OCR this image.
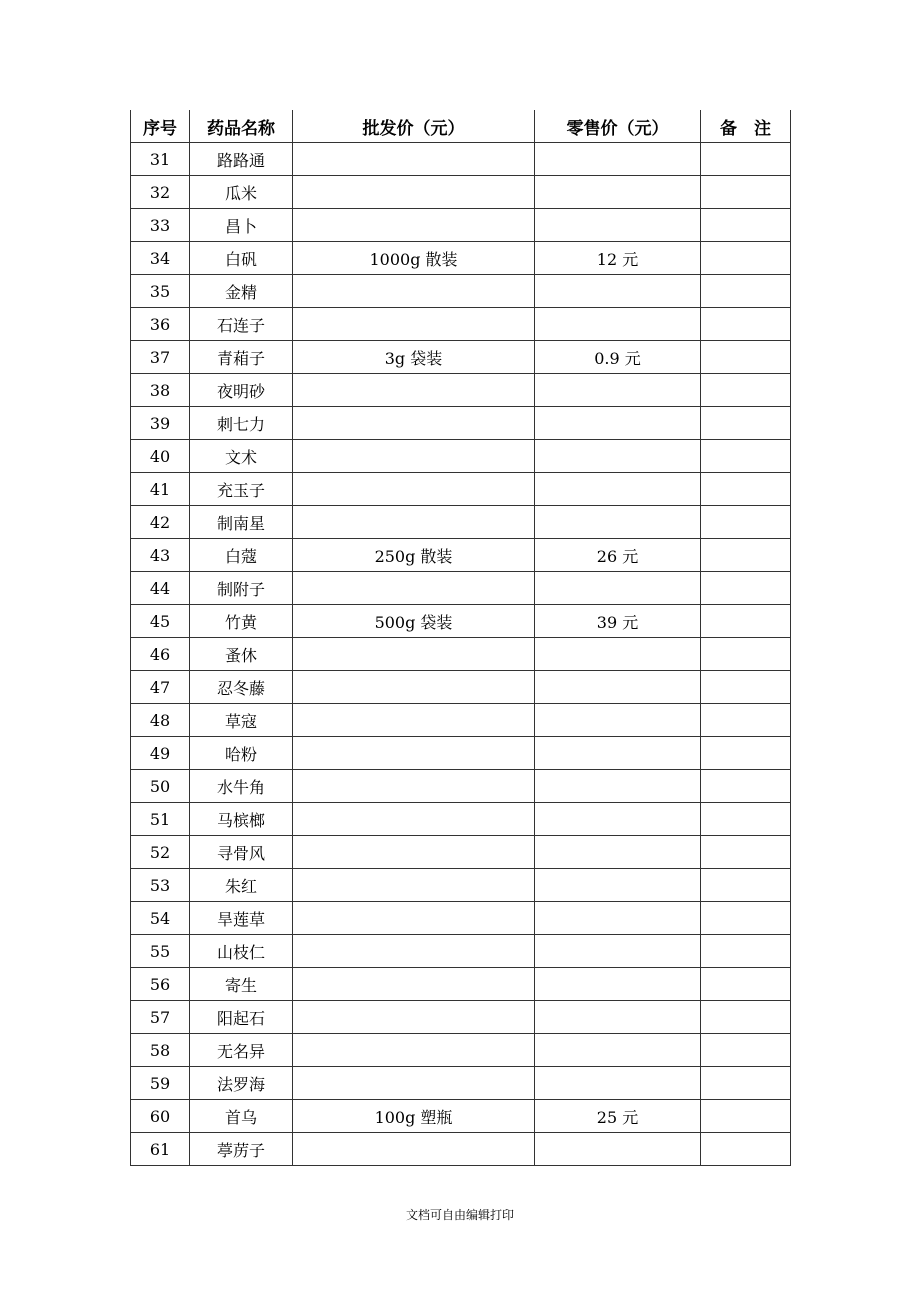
序号	药品名称	批发价（元）	零售价（元）	备　注
31	路路通			
32	瓜米			
33	昌卜			
34	白矾	1000g 散装	12 元	
35	金精			
36	石连子			
37	青葙子	3g 袋装	0.9 元	
38	夜明砂			
39	刺七力			
40	文术			
41	充玉子			
42	制南星			
43	白蔻	250g 散装	26 元	
44	制附子			
45	竹黄	500g 袋装	39 元	
46	蚤休			
47	忍冬藤			
48	草寇			
49	哈粉			
50	水牛角			
51	马槟榔			
52	寻骨风			
53	朱红			
54	旱莲草			
55	山枝仁			
56	寄生			
57	阳起石			
58	无名异			
59	法罗海			
60	首乌	100g 塑瓶	25 元	
61	葶苈子			
文档可自由编辑打印
